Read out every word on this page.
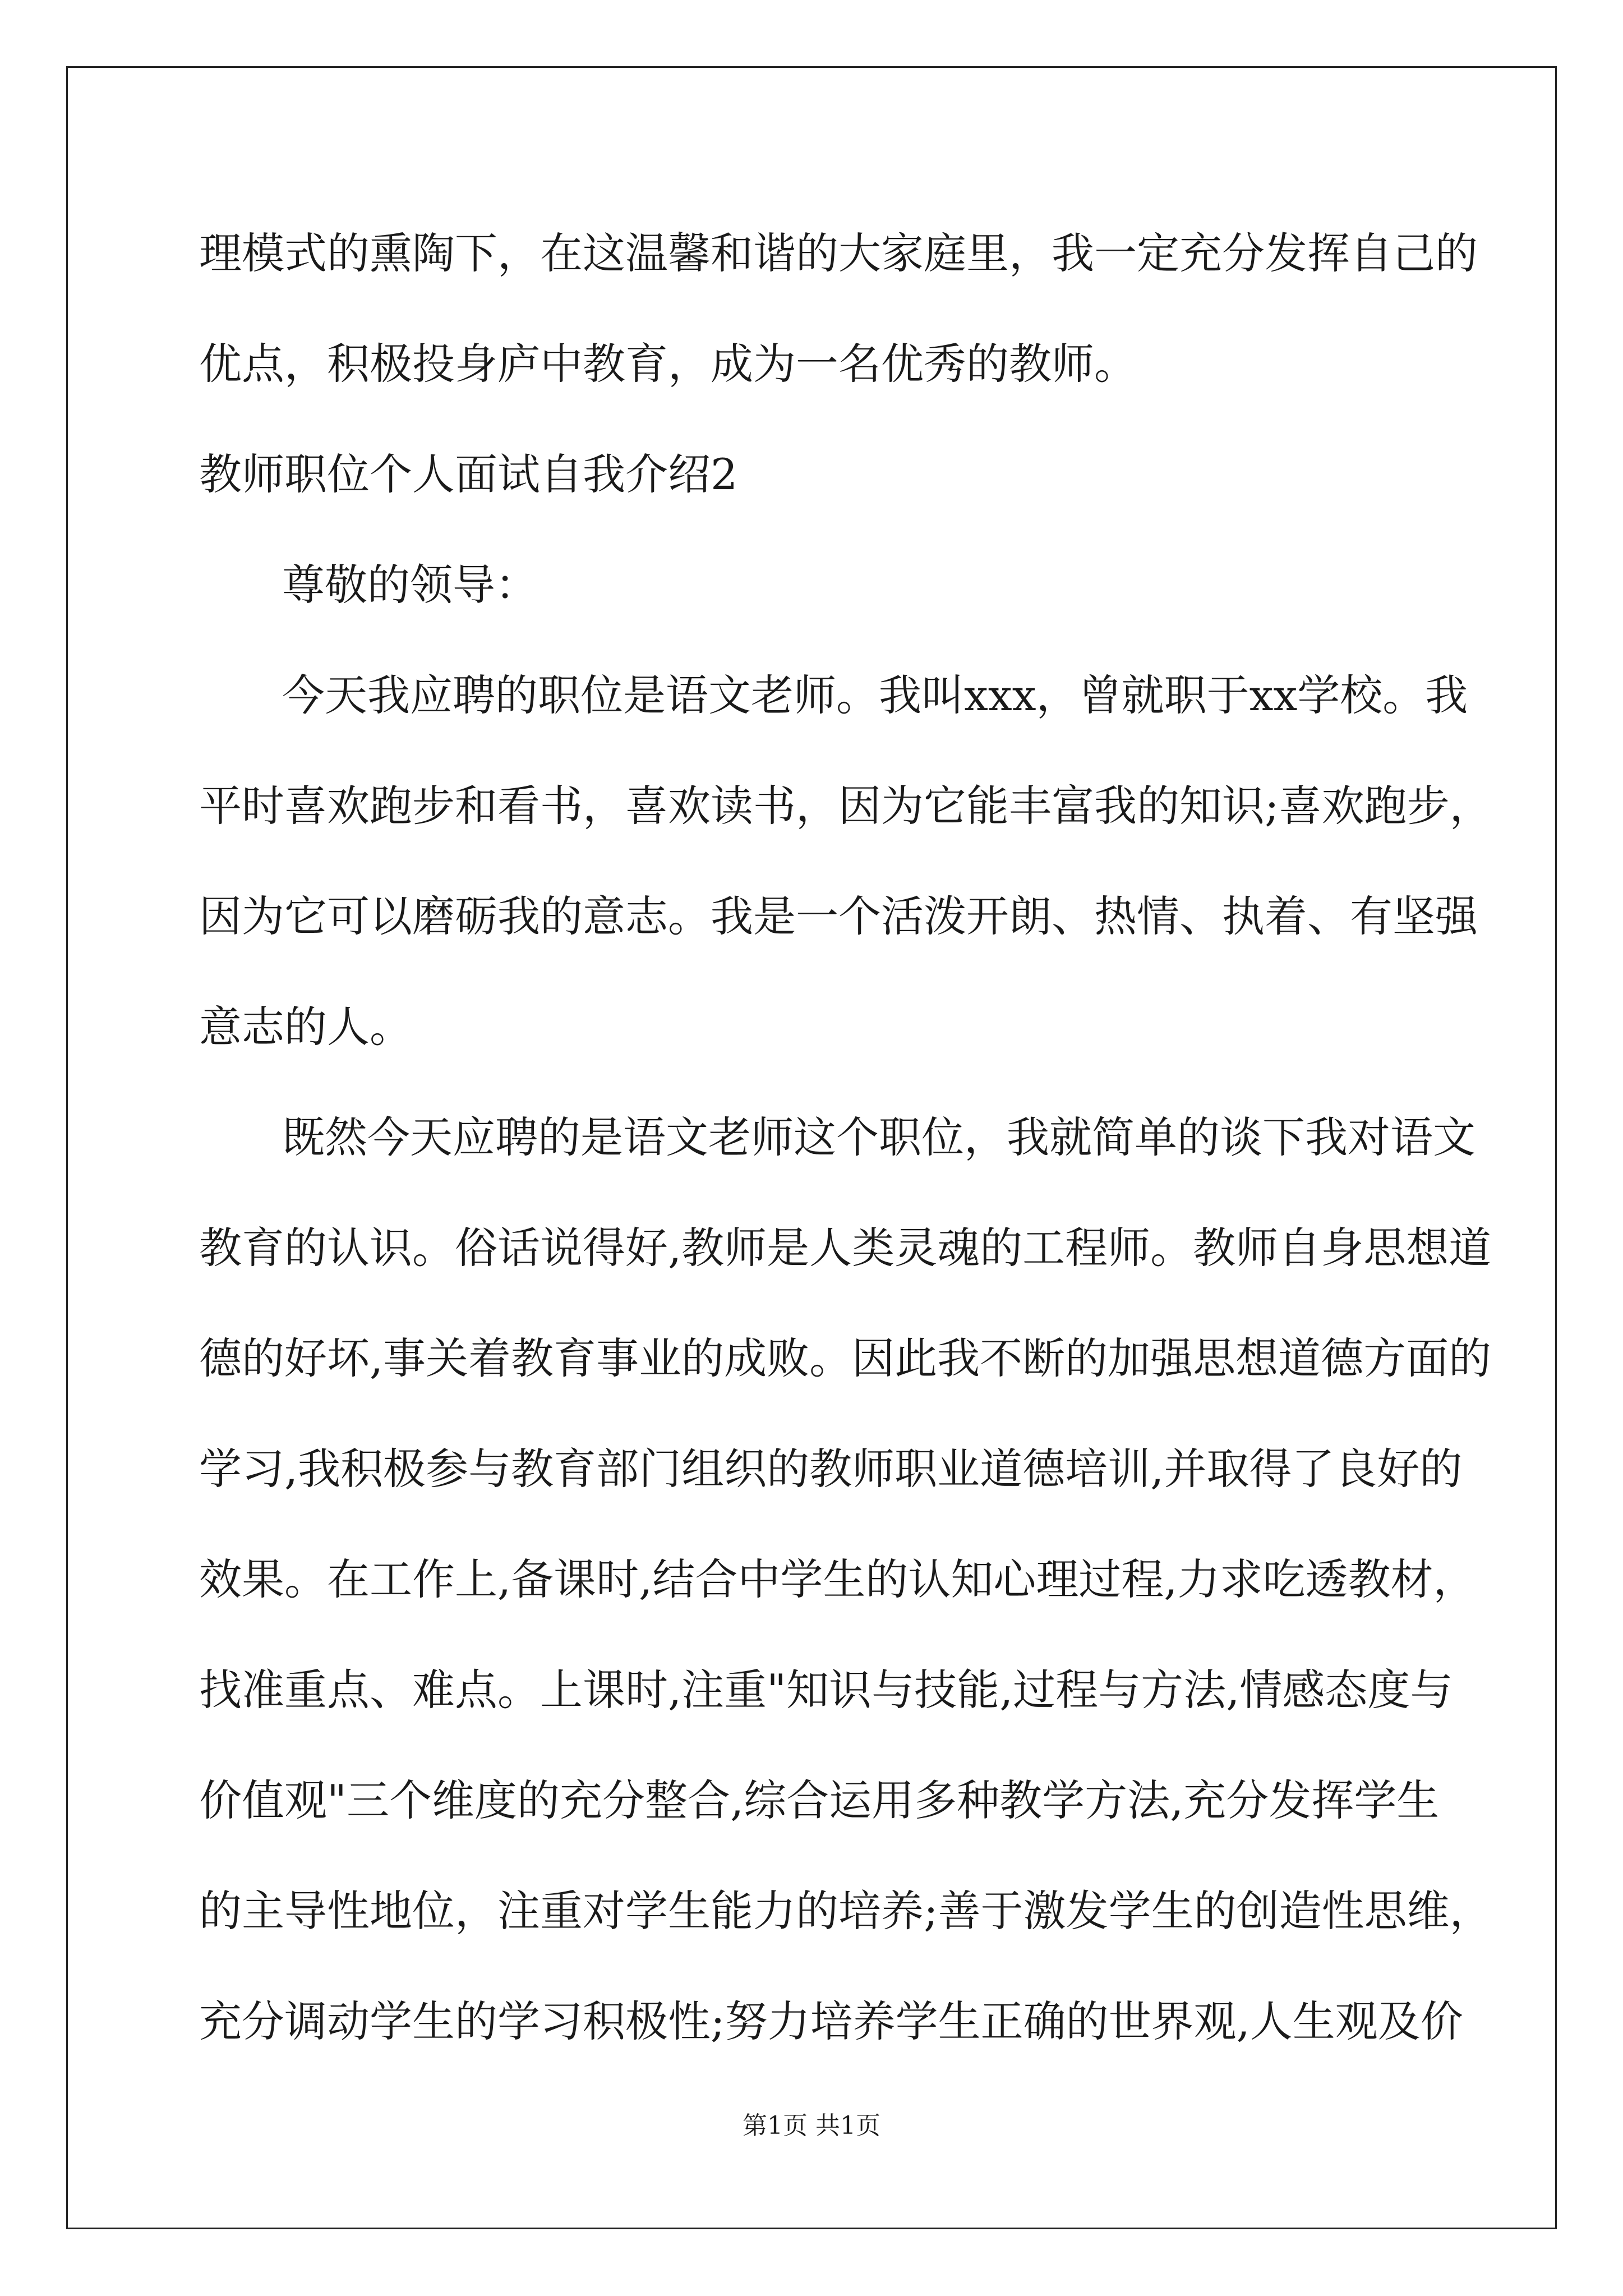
理模式的熏陶下，在这温馨和谐的大家庭里，我一定充分发挥自己的
优点，积极投身庐中教育，成为一名优秀的教师。
教师职位个人面试自我介绍2
尊敬的领导：
今天我应聘的职位是语文老师。我叫xxx，曾就职于xx学校。我
平时喜欢跑步和看书，喜欢读书，因为它能丰富我的知识;喜欢跑步，
因为它可以磨砺我的意志。我是一个活泼开朗、热情、执着、有坚强
意志的人。
既然今天应聘的是语文老师这个职位，我就简单的谈下我对语文
教育的认识。俗话说得好,教师是人类灵魂的工程师。教师自身思想道
德的好坏,事关着教育事业的成败。因此我不断的加强思想道德方面的
学习,我积极参与教育部门组织的教师职业道德培训,并取得了良好的
效果。在工作上,备课时,结合中学生的认知心理过程,力求吃透教材，
找准重点、难点。上课时,注重"知识与技能,过程与方法,情感态度与
价值观"三个维度的充分整合,综合运用多种教学方法,充分发挥学生
的主导性地位，注重对学生能力的培养;善于激发学生的创造性思维，
充分调动学生的学习积极性;努力培养学生正确的世界观,人生观及价
第1页 共1页
